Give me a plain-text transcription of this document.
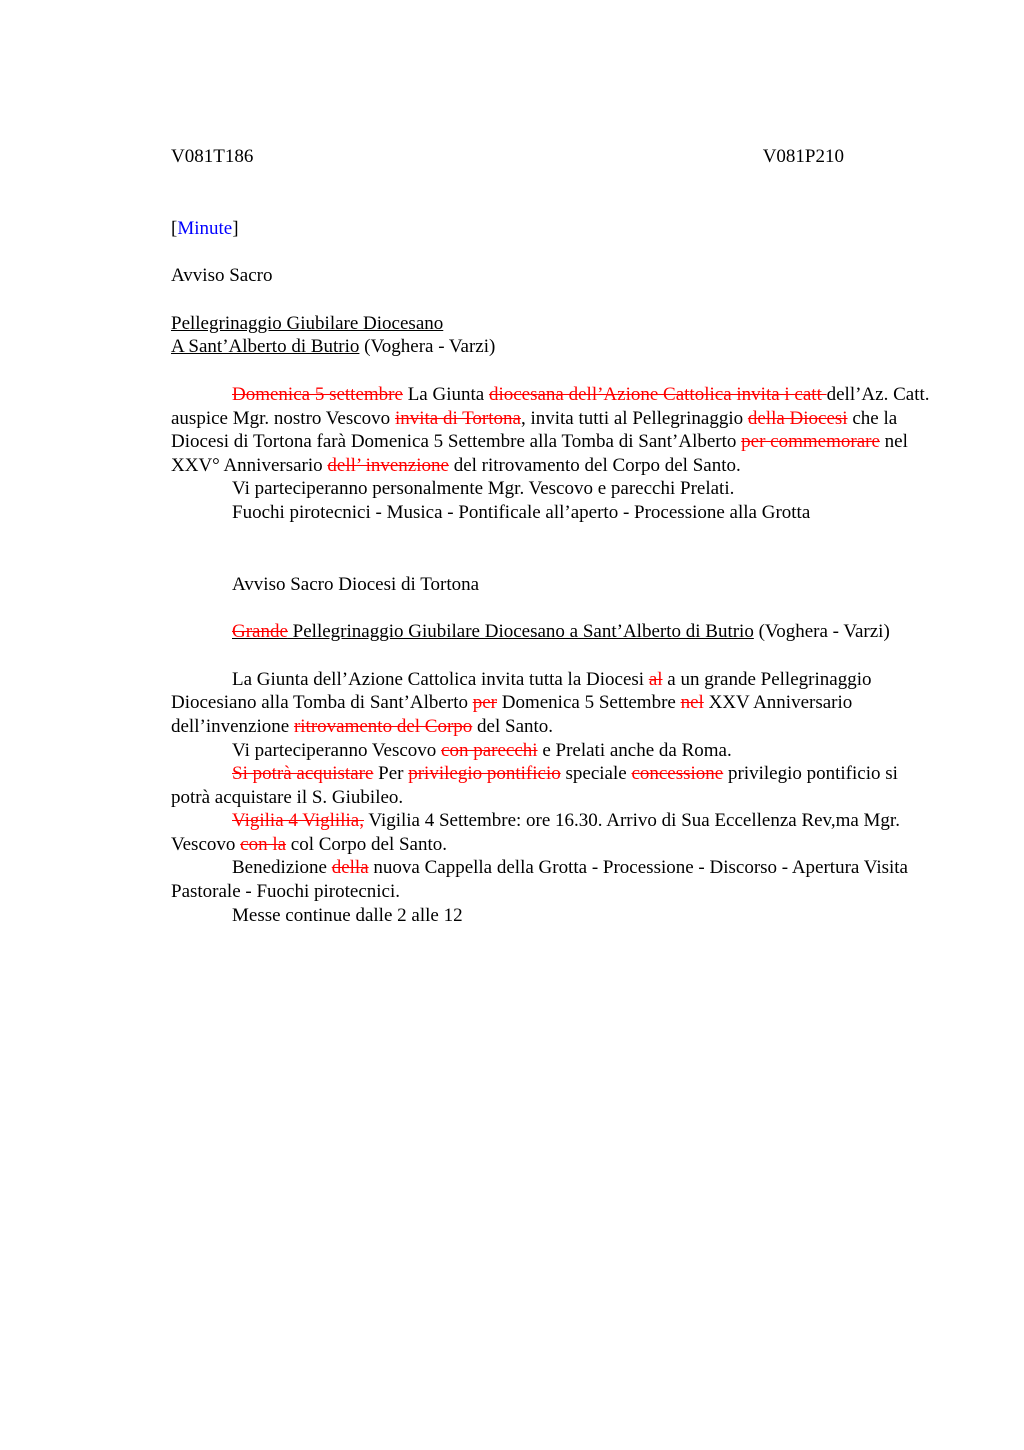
V081T186	V081P210

[Minute]

Avviso Sacro

Pellegrinaggio Giubilare Diocesano

A Sant’Alberto di Butrio (Voghera - Varzi)

Domenica 5 settembre La Giunta diocesana dell’Azione Cattolica invita i catt dell’Az. Catt. auspice Mgr. nostro Vescovo invita di Tortona, invita tutti al Pellegrinaggio della Diocesi che la Diocesi di Tortona farà Domenica 5 Settembre alla Tomba di Sant’Alberto per commemorare nel XXV° Anniversario dell’ invenzione del ritrovamento del Corpo del Santo.

Vi parteciperanno personalmente Mgr. Vescovo e parecchi Prelati.

Fuochi pirotecnici - Musica - Pontificale all’aperto - Processione alla Grotta

Avviso Sacro Diocesi di Tortona

Grande Pellegrinaggio Giubilare Diocesano a Sant’Alberto di Butrio (Voghera - Varzi)

La Giunta dell’Azione Cattolica invita tutta la Diocesi al a un grande Pellegrinaggio Diocesiano alla Tomba di Sant’Alberto per Domenica 5 Settembre nel XXV Anniversario dell’invenzione ritrovamento del Corpo del Santo.

Vi parteciperanno Vescovo con parecchi e Prelati anche da Roma.

Si potrà acquistare Per privilegio pontificio speciale concessione privilegio pontificio si potrà acquistare il S. Giubileo.

Vigilia 4 Viglilia, Vigilia 4 Settembre: ore 16.30. Arrivo di Sua Eccellenza Rev,ma Mgr. Vescovo con la col Corpo del Santo.

Benedizione della nuova Cappella della Grotta - Processione - Discorso - Apertura Visita Pastorale - Fuochi pirotecnici.

Messe continue dalle 2 alle 12
